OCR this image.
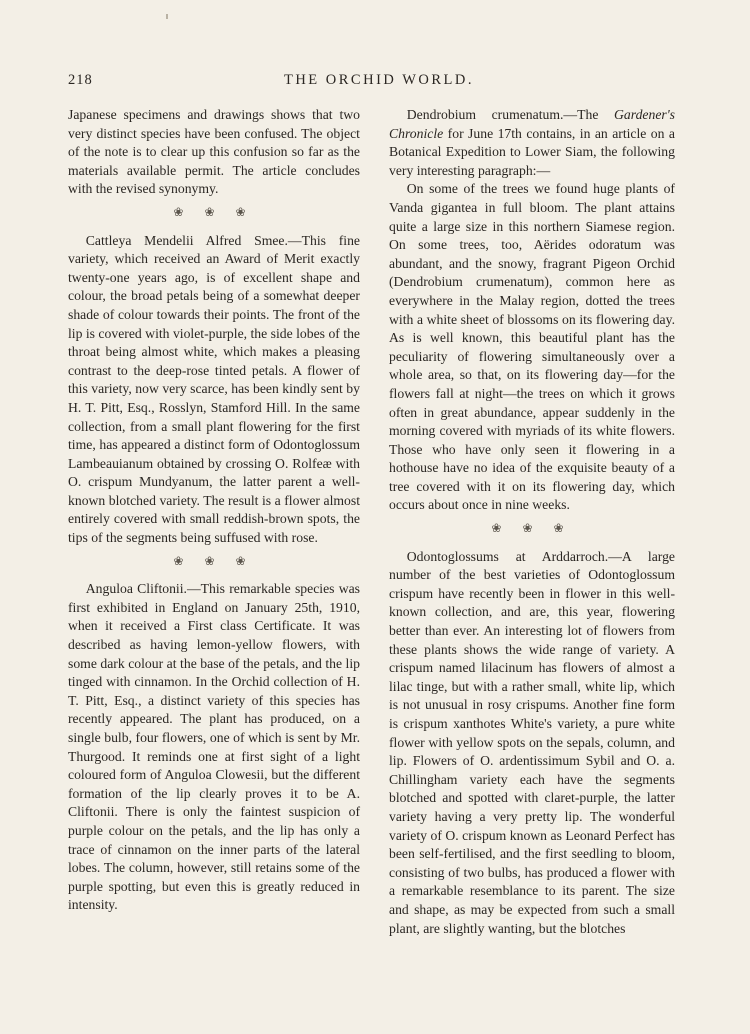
218	THE ORCHID WORLD.

Japanese specimens and drawings shows that two very distinct species have been confused. The object of the note is to clear up this confusion so far as the materials available permit. The article concludes with the revised synonymy.

❀ ❀ ❀

Cattleya Mendelii Alfred Smee.—This fine variety, which received an Award of Merit exactly twenty-one years ago, is of excellent shape and colour, the broad petals being of a somewhat deeper shade of colour towards their points. The front of the lip is covered with violet-purple, the side lobes of the throat being almost white, which makes a pleasing contrast to the deep-rose tinted petals. A flower of this variety, now very scarce, has been kindly sent by H. T. Pitt, Esq., Rosslyn, Stamford Hill. In the same collection, from a small plant flowering for the first time, has appeared a distinct form of Odontoglossum Lambeauianum obtained by crossing O. Rolfeæ with O. crispum Mundyanum, the latter parent a well-known blotched variety. The result is a flower almost entirely covered with small reddish-brown spots, the tips of the segments being suffused with rose.

❀ ❀ ❀

Anguloa Cliftonii.—This remarkable species was first exhibited in England on January 25th, 1910, when it received a First class Certificate. It was described as having lemon-yellow flowers, with some dark colour at the base of the petals, and the lip tinged with cinnamon. In the Orchid collection of H. T. Pitt, Esq., a distinct variety of this species has recently appeared. The plant has produced, on a single bulb, four flowers, one of which is sent by Mr. Thurgood. It reminds one at first sight of a light coloured form of Anguloa Clowesii, but the different formation of the lip clearly proves it to be A. Cliftonii. There is only the faintest suspicion of purple colour on the petals, and the lip has only a trace of cinnamon on the inner parts of the lateral lobes. The column, however, still retains some of the purple spotting, but even this is greatly reduced in intensity.

Dendrobium crumenatum.—The Gardener's Chronicle for June 17th contains, in an article on a Botanical Expedition to Lower Siam, the following very interesting paragraph:—

On some of the trees we found huge plants of Vanda gigantea in full bloom. The plant attains quite a large size in this northern Siamese region. On some trees, too, Aërides odoratum was abundant, and the snowy, fragrant Pigeon Orchid (Dendrobium crumenatum), common here as everywhere in the Malay region, dotted the trees with a white sheet of blossoms on its flowering day. As is well known, this beautiful plant has the peculiarity of flowering simultaneously over a whole area, so that, on its flowering day—for the flowers fall at night—the trees on which it grows often in great abundance, appear suddenly in the morning covered with myriads of its white flowers. Those who have only seen it flowering in a hothouse have no idea of the exquisite beauty of a tree covered with it on its flowering day, which occurs about once in nine weeks.

❀ ❀ ❀

Odontoglossums at Arddarroch.—A large number of the best varieties of Odontoglossum crispum have recently been in flower in this well-known collection, and are, this year, flowering better than ever. An interesting lot of flowers from these plants shows the wide range of variety. A crispum named lilacinum has flowers of almost a lilac tinge, but with a rather small, white lip, which is not unusual in rosy crispums. Another fine form is crispum xanthotes White's variety, a pure white flower with yellow spots on the sepals, column, and lip. Flowers of O. ardentissimum Sybil and O. a. Chillingham variety each have the segments blotched and spotted with claret-purple, the latter variety having a very pretty lip. The wonderful variety of O. crispum known as Leonard Perfect has been self-fertilised, and the first seedling to bloom, consisting of two bulbs, has produced a flower with a remarkable resemblance to its parent. The size and shape, as may be expected from such a small plant, are slightly wanting, but the blotches
